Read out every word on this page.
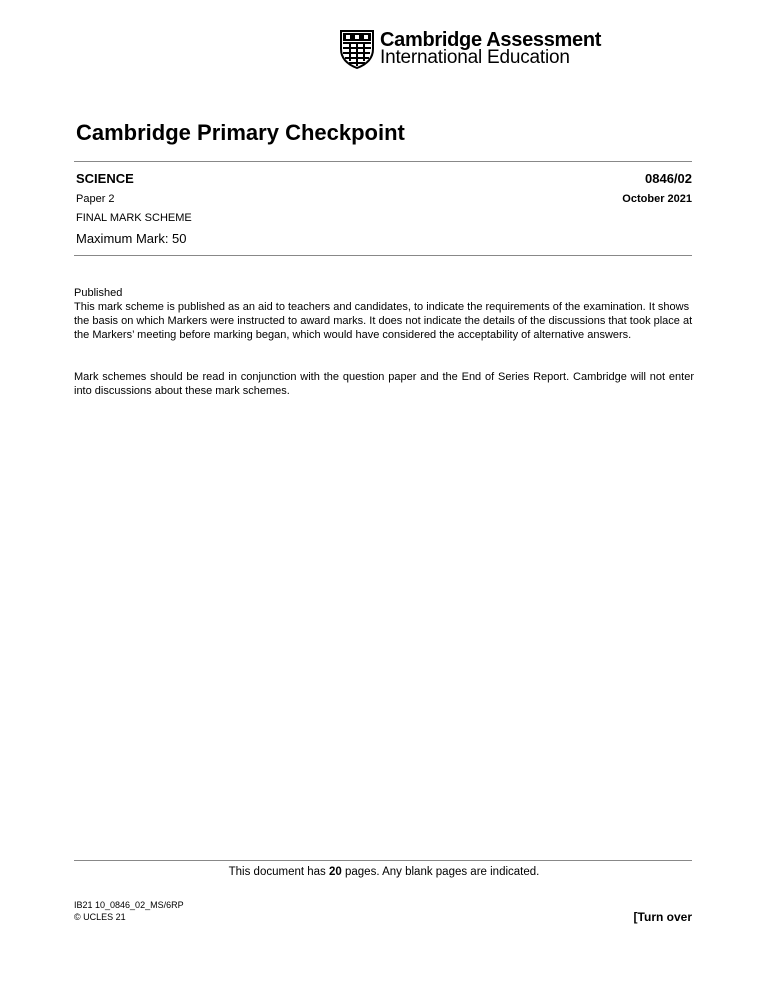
Cambridge Assessment
International Education
Cambridge Primary Checkpoint
SCIENCE	0846/02
Paper 2	October 2021
FINAL MARK SCHEME
Maximum Mark: 50

Published

This mark scheme is published as an aid to teachers and candidates, to indicate the requirements of the examination. It shows the basis on which Markers were instructed to award marks. It does not indicate the details of the discussions that took place at the Markers’ meeting before marking began, which would have considered the acceptability of alternative answers.

Mark schemes should be read in conjunction with the question paper and the End of Series Report. Cambridge will not enter into discussions about these mark schemes.
This document has 20 pages. Any blank pages are indicated.
IB21 10_0846_02_MS/6RP
© UCLES 21	[Turn over
